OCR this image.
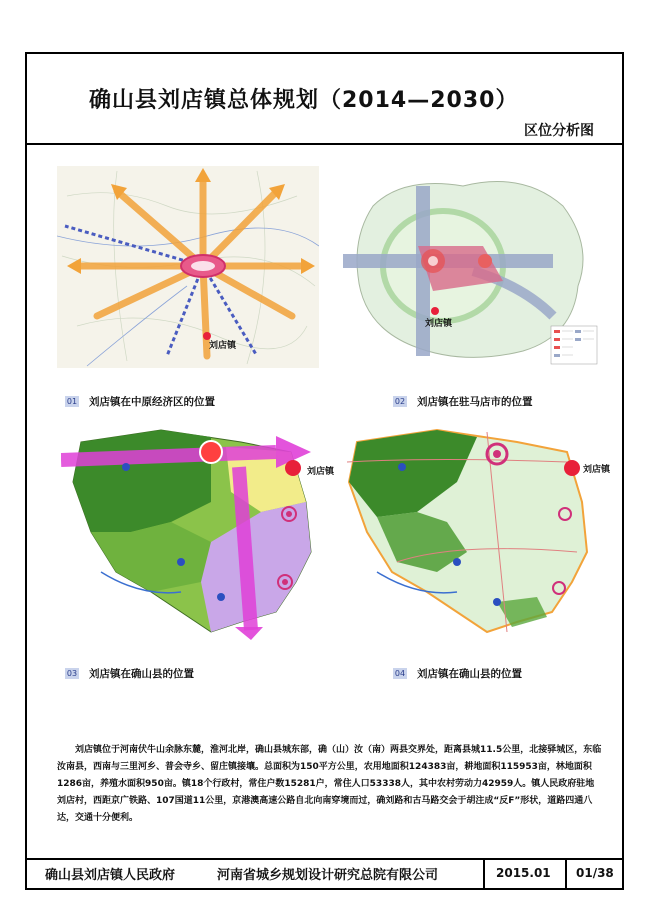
确山县刘店镇总体规划（2014—2030）
区位分析图
刘店镇
刘店镇
01 刘店镇在中原经济区的位置	02 刘店镇在驻马店市的位置
刘店镇	刘店镇
03 刘店镇在确山县的位置	04 刘店镇在确山县的位置
刘店镇位于河南伏牛山余脉东麓，淮河北岸，确山县城东部，确（山）汝（南）两县交界处，距离县城11.5公里，北接驿城区，东临汝南县，西南与三里河乡、普会寺乡、留庄镇接壤。总面积为150平方公里，农用地面积124383亩，耕地面积115953亩，林地面积1286亩，养殖水面积950亩。镇18个行政村，常住户数15281户，常住人口53338人，其中农村劳动力42959人。镇人民政府驻地刘店村，西距京广铁路、107国道11公里，京港澳高速公路自北向南穿境而过，确刘路和古马路交会于胡注成“反F”形状，道路四通八达，交通十分便利。
确山县刘店镇人民政府	河南省城乡规划设计研究总院有限公司	2015.01 01/38
